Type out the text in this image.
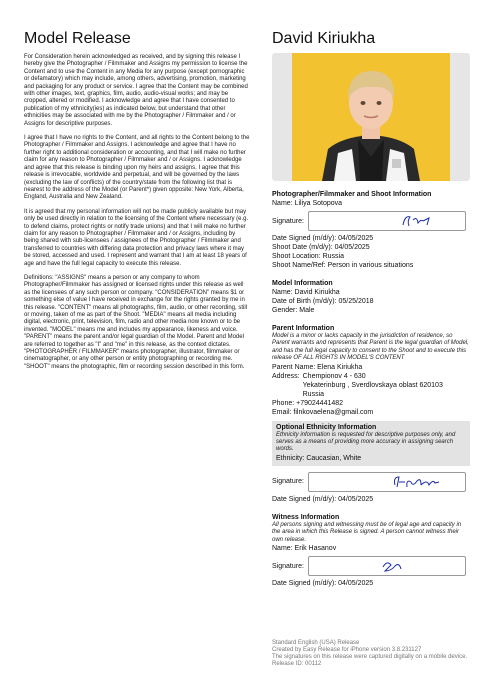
Model Release

For Consideration herein acknowledged as received, and by signing this release I hereby give the Photographer / Filmmaker and Assigns my permission to license the Content and to use the Content in any Media for any purpose (except pornographic or defamatory) which may include, among others, advertising, promotion, marketing and packaging for any product or service. I agree that the Content may be combined with other images, text, graphics, film, audio, audio-visual works; and may be cropped, altered or modified. I acknowledge and agree that I have consented to publication of my ethnicity(ies) as indicated below, but understand that other ethnicities may be associated with me by the Photographer / Filmmaker and / or Assigns for descriptive purposes.

I agree that I have no rights to the Content, and all rights to the Content belong to the Photographer / Filmmaker and Assigns. I acknowledge and agree that I have no further right to additional consideration or accounting, and that I will make no further claim for any reason to Photographer / Filmmaker and / or Assigns. I acknowledge and agree that this release is binding upon my heirs and assigns. I agree that this release is irrevocable, worldwide and perpetual, and will be governed by the laws (excluding the law of conflicts) of the country/state from the following list that is nearest to the address of the Model (or Parent*) given opposite: New York, Alberta, England, Australia and New Zealand.

It is agreed that my personal information will not be made publicly available but may only be used directly in relation to the licensing of the Content where necessary (e.g. to defend claims, protect rights or notify trade unions) and that I will make no further claim for any reason to Photographer / Filmmaker and / or Assigns, including by being shared with sub-licensees / assignees of the Photographer / Filmmaker and transferred to countries with differing data protection and privacy laws where it may be stored, accessed and used. I represent and warrant that I am at least 18 years of age and have the full legal capacity to execute this release.

Definitions: "ASSIGNS" means a person or any company to whom Photographer/Filmmaker has assigned or licensed rights under this release as well as the licensees of any such person or company. "CONSIDERATION" means $1 or something else of value I have received in exchange for the rights granted by me in this release. "CONTENT" means all photographs, film, audio, or other recording, still or moving, taken of me as part of the Shoot. "MEDIA" means all media including digital, electronic, print, television, film, radio and other media now known or to be invented. "MODEL" means me and includes my appearance, likeness and voice. "PARENT" means the parent and/or legal guardian of the Model. Parent and Model are referred to together as "I" and "me" in this release, as the context dictates. "PHOTOGRAPHER / FILMMAKER" means photographer, illustrator, filmmaker or cinematographer, or any other person or entity photographing or recording me. "SHOOT" means the photographic, film or recording session described in this form.

David Kiriukha
Photographer/Filmmaker and Shoot Information
Name: Liliya Sotopova
Signature:
Date Signed (m/d/y): 04/05/2025
Shoot Date (m/d/y): 04/05/2025
Shoot Location: Russia
Shoot Name/Ref: Person in various situations
Model Information
Name: David Kiriukha
Date of Birth (m/d/y): 05/25/2018
Gender: Male
Parent Information
Model is a minor or lacks capacity in the jurisdiction of residence, so Parent warrants and represents that Parent is the legal guardian of Model, and has the full legal capacity to consent to the Shoot and to execute this release OF ALL RIGHTS IN MODEL'S CONTENT
Parent Name: Elena Kiriukha
Address: Chempionov 4 - 630
Yekaterinburg , Sverdlovskaya oblast 620103
Russia
Phone: +79024441482
Email: filnkovaelena@gmail.com
Optional Ethnicity Information
Ethnicity information is requested for descriptive purposes only, and serves as a means of providing more accuracy in assigning search words.
Ethnicity: Caucasian, White
Signature:
Date Signed (m/d/y): 04/05/2025
Witness Information
All persons signing and witnessing must be of legal age and capacity in the area in which this Release is signed. A person cannot witness their own release.
Name: Erik Hasanov
Signature:
Date Signed (m/d/y): 04/05/2025
Standard English (USA) Release
Created by Easy Release for iPhone version 3.8.231127
The signatures on this release were captured digitally on a mobile device.
Release ID: 00112
